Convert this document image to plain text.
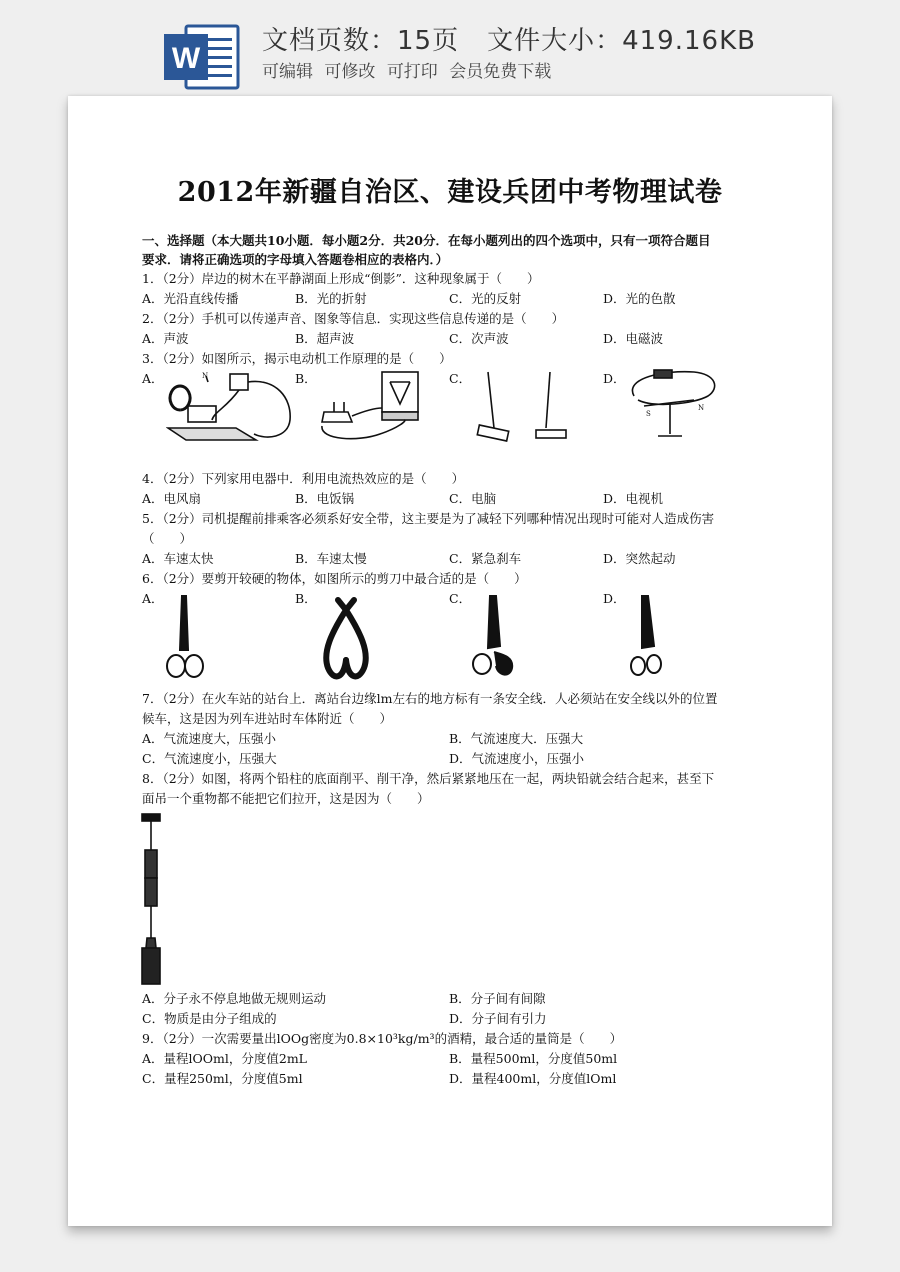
W
文档页数：15页 文件大小：419.16KB
可编辑 可修改 可打印 会员免费下载
2012年新疆自治区、建设兵团中考物理试卷
一、选择题（本大题共10小题．每小题2分．共20分．在每小题列出的四个选项中，只有一项符合题目
要求．请将正确选项的字母填入答题卷相应的表格内．）
1．（2分）岸边的树木在平静湖面上形成“倒影”．这种现象属于（　　）
A．光沿直线传播	B．光的折射	C．光的反射	D．光的色散
2．（2分）手机可以传递声音、图象等信息．实现这些信息传递的是（　　）
A．声波	B．超声波	C．次声波	D．电磁波
3．（2分）如图所示，揭示电动机工作原理的是（　　）
A．	B．	C．	D．
N
N
S
4．（2分）下列家用电器中．利用电流热效应的是（　　）
A．电风扇	B．电饭锅	C．电脑	D．电视机
5．（2分）司机提醒前排乘客必须系好安全带，这主要是为了减轻下列哪种情况出现时可能对人造成伤害
（　　）
A．车速太快	B．车速太慢	C．紧急刹车	D．突然起动
6．（2分）要剪开较硬的物体，如图所示的剪刀中最合适的是（　　）
A．	B．	C．	D．
7．（2分）在火车站的站台上．离站台边缘lm左右的地方标有一条安全线．人必须站在安全线以外的位置
候车，这是因为列车进站时车体附近（　　）
A．气流速度大，压强小	B．气流速度大．压强大
C．气流速度小，压强大	D．气流速度小，压强小
8．（2分）如图，将两个铅柱的底面削平、削干净，然后紧紧地压在一起，两块铅就会结合起来，甚至下
面吊一个重物都不能把它们拉开，这是因为（　　）
A．分子永不停息地做无规则运动	B．分子间有间隙
C．物质是由分子组成的	D．分子间有引力
9．（2分）一次需要量出lOOg密度为0.8×10³kg/m³的酒精，最合适的量筒是（　　）
A．量程lOOml，分度值2mL	B．量程500ml，分度值50ml
C．量程250ml，分度值5ml	D．量程400ml，分度值lOml
